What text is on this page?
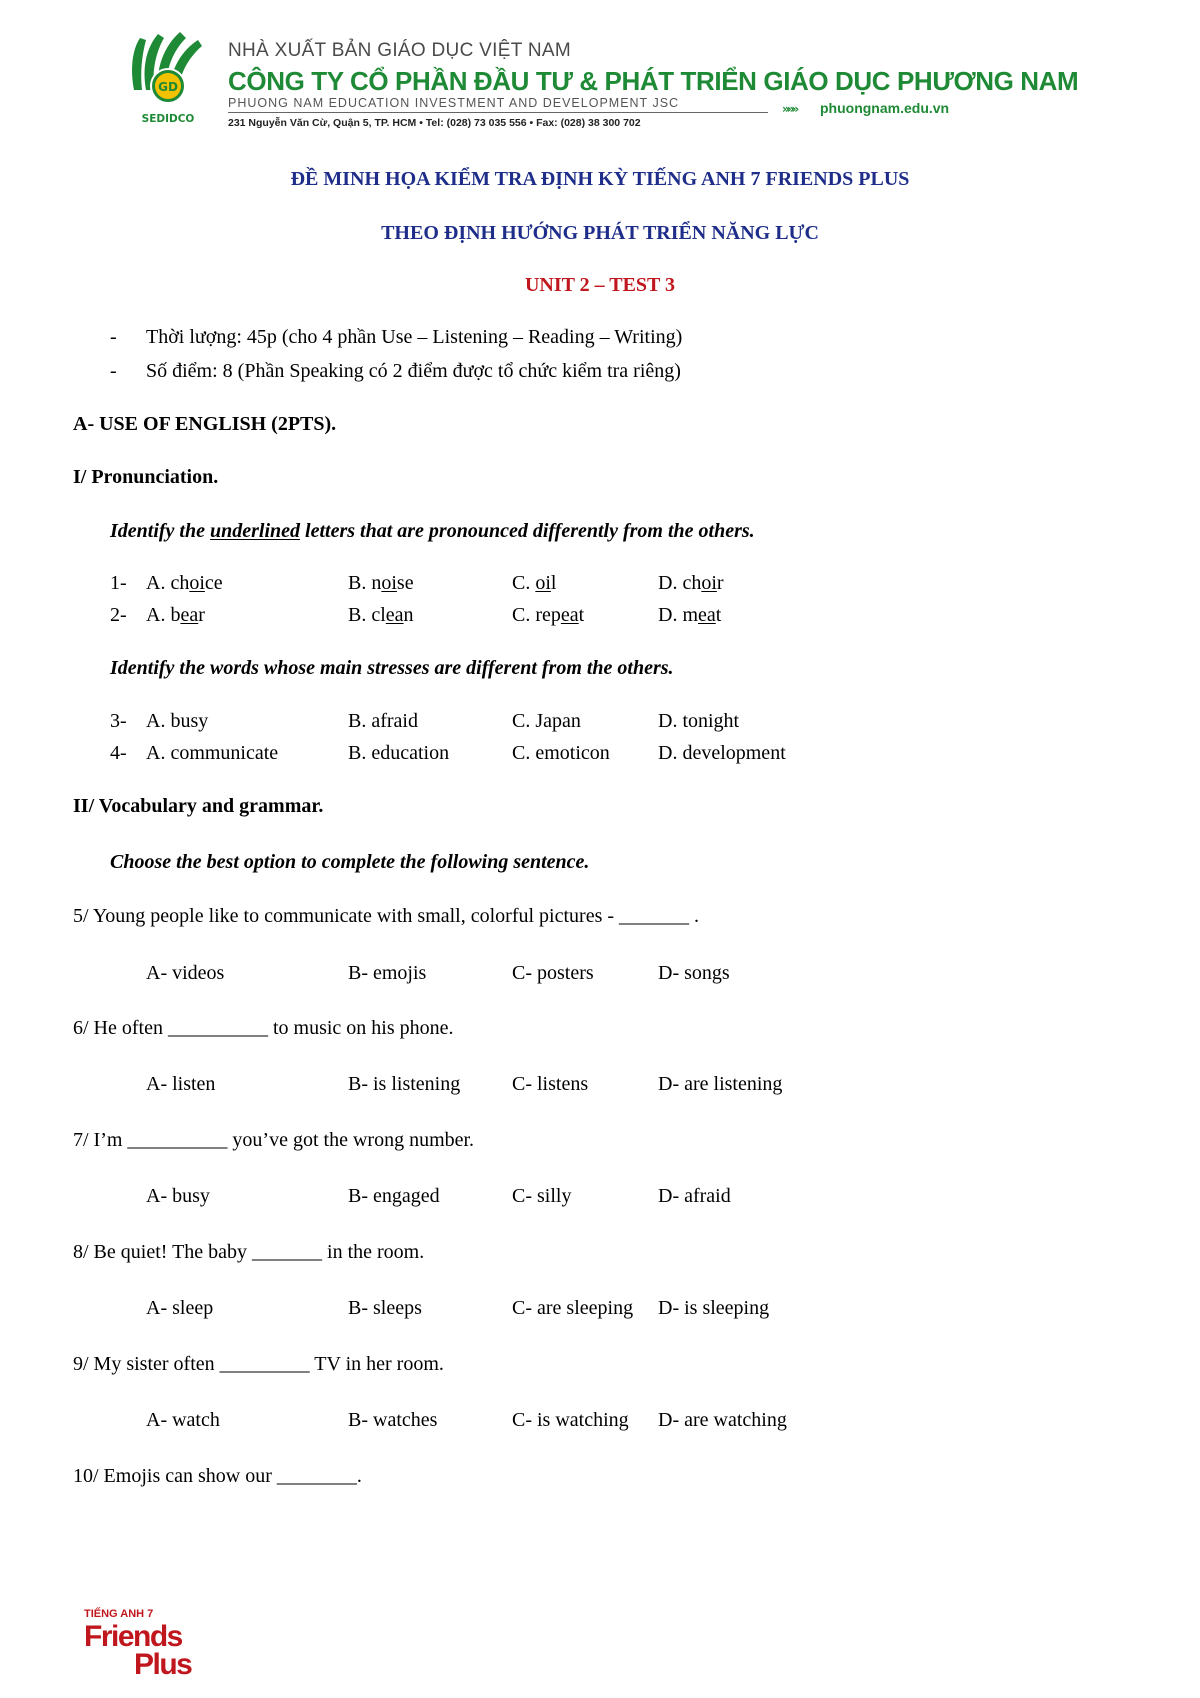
GD
SEDIDCO
NHÀ XUẤT BẢN GIÁO DỤC VIỆT NAM
CÔNG TY CỔ PHẦN ĐẦU TƯ & PHÁT TRIỂN GIÁO DỤC PHƯƠNG NAM
PHUONG NAM EDUCATION INVESTMENT AND DEVELOPMENT JSC
231 Nguyễn Văn Cừ, Quận 5, TP. HCM • Tel: (028) 73 035 556 • Fax: (028) 38 300 702
»»» phuongnam.edu.vn
ĐỀ MINH HỌA KIỂM TRA ĐỊNH KỲ TIẾNG ANH 7 FRIENDS PLUS
THEO ĐỊNH HƯỚNG PHÁT TRIỂN NĂNG LỰC
UNIT 2 – TEST 3
- Thời lượng: 45p (cho 4 phần Use – Listening – Reading – Writing)
- Số điểm: 8 (Phần Speaking có 2 điểm được tổ chức kiểm tra riêng)
A- USE OF ENGLISH (2PTS).
I/ Pronunciation.
Identify the underlined letters that are pronounced differently from the others.
1- A. choice	B. noise	C. oil	D. choir
2- A. bear	B. clean	C. repeat	D. meat
Identify the words whose main stresses are different from the others.
3- A. busy	B. afraid	C. Japan	D. tonight
4- A. communicate	B. education	C. emoticon D. development
II/ Vocabulary and grammar.
Choose the best option to complete the following sentence.
5/ Young people like to communicate with small, colorful pictures - _______ .
A- videos	B- emojis	C- posters	D- songs
6/ He often __________ to music on his phone.
A- listen	B- is listening	C- listens	D- are listening
7/ I’m __________ you’ve got the wrong number.
A- busy	B- engaged	C- silly	D- afraid
8/ Be quiet! The baby _______ in the room.
A- sleep	B- sleeps	C- are sleeping D- is sleeping
9/ My sister often _________ TV in her room.
A- watch	B- watches	C- is watching D- are watching
10/ Emojis can show our ________.
TIẾNG ANH 7
Friends
Plus
